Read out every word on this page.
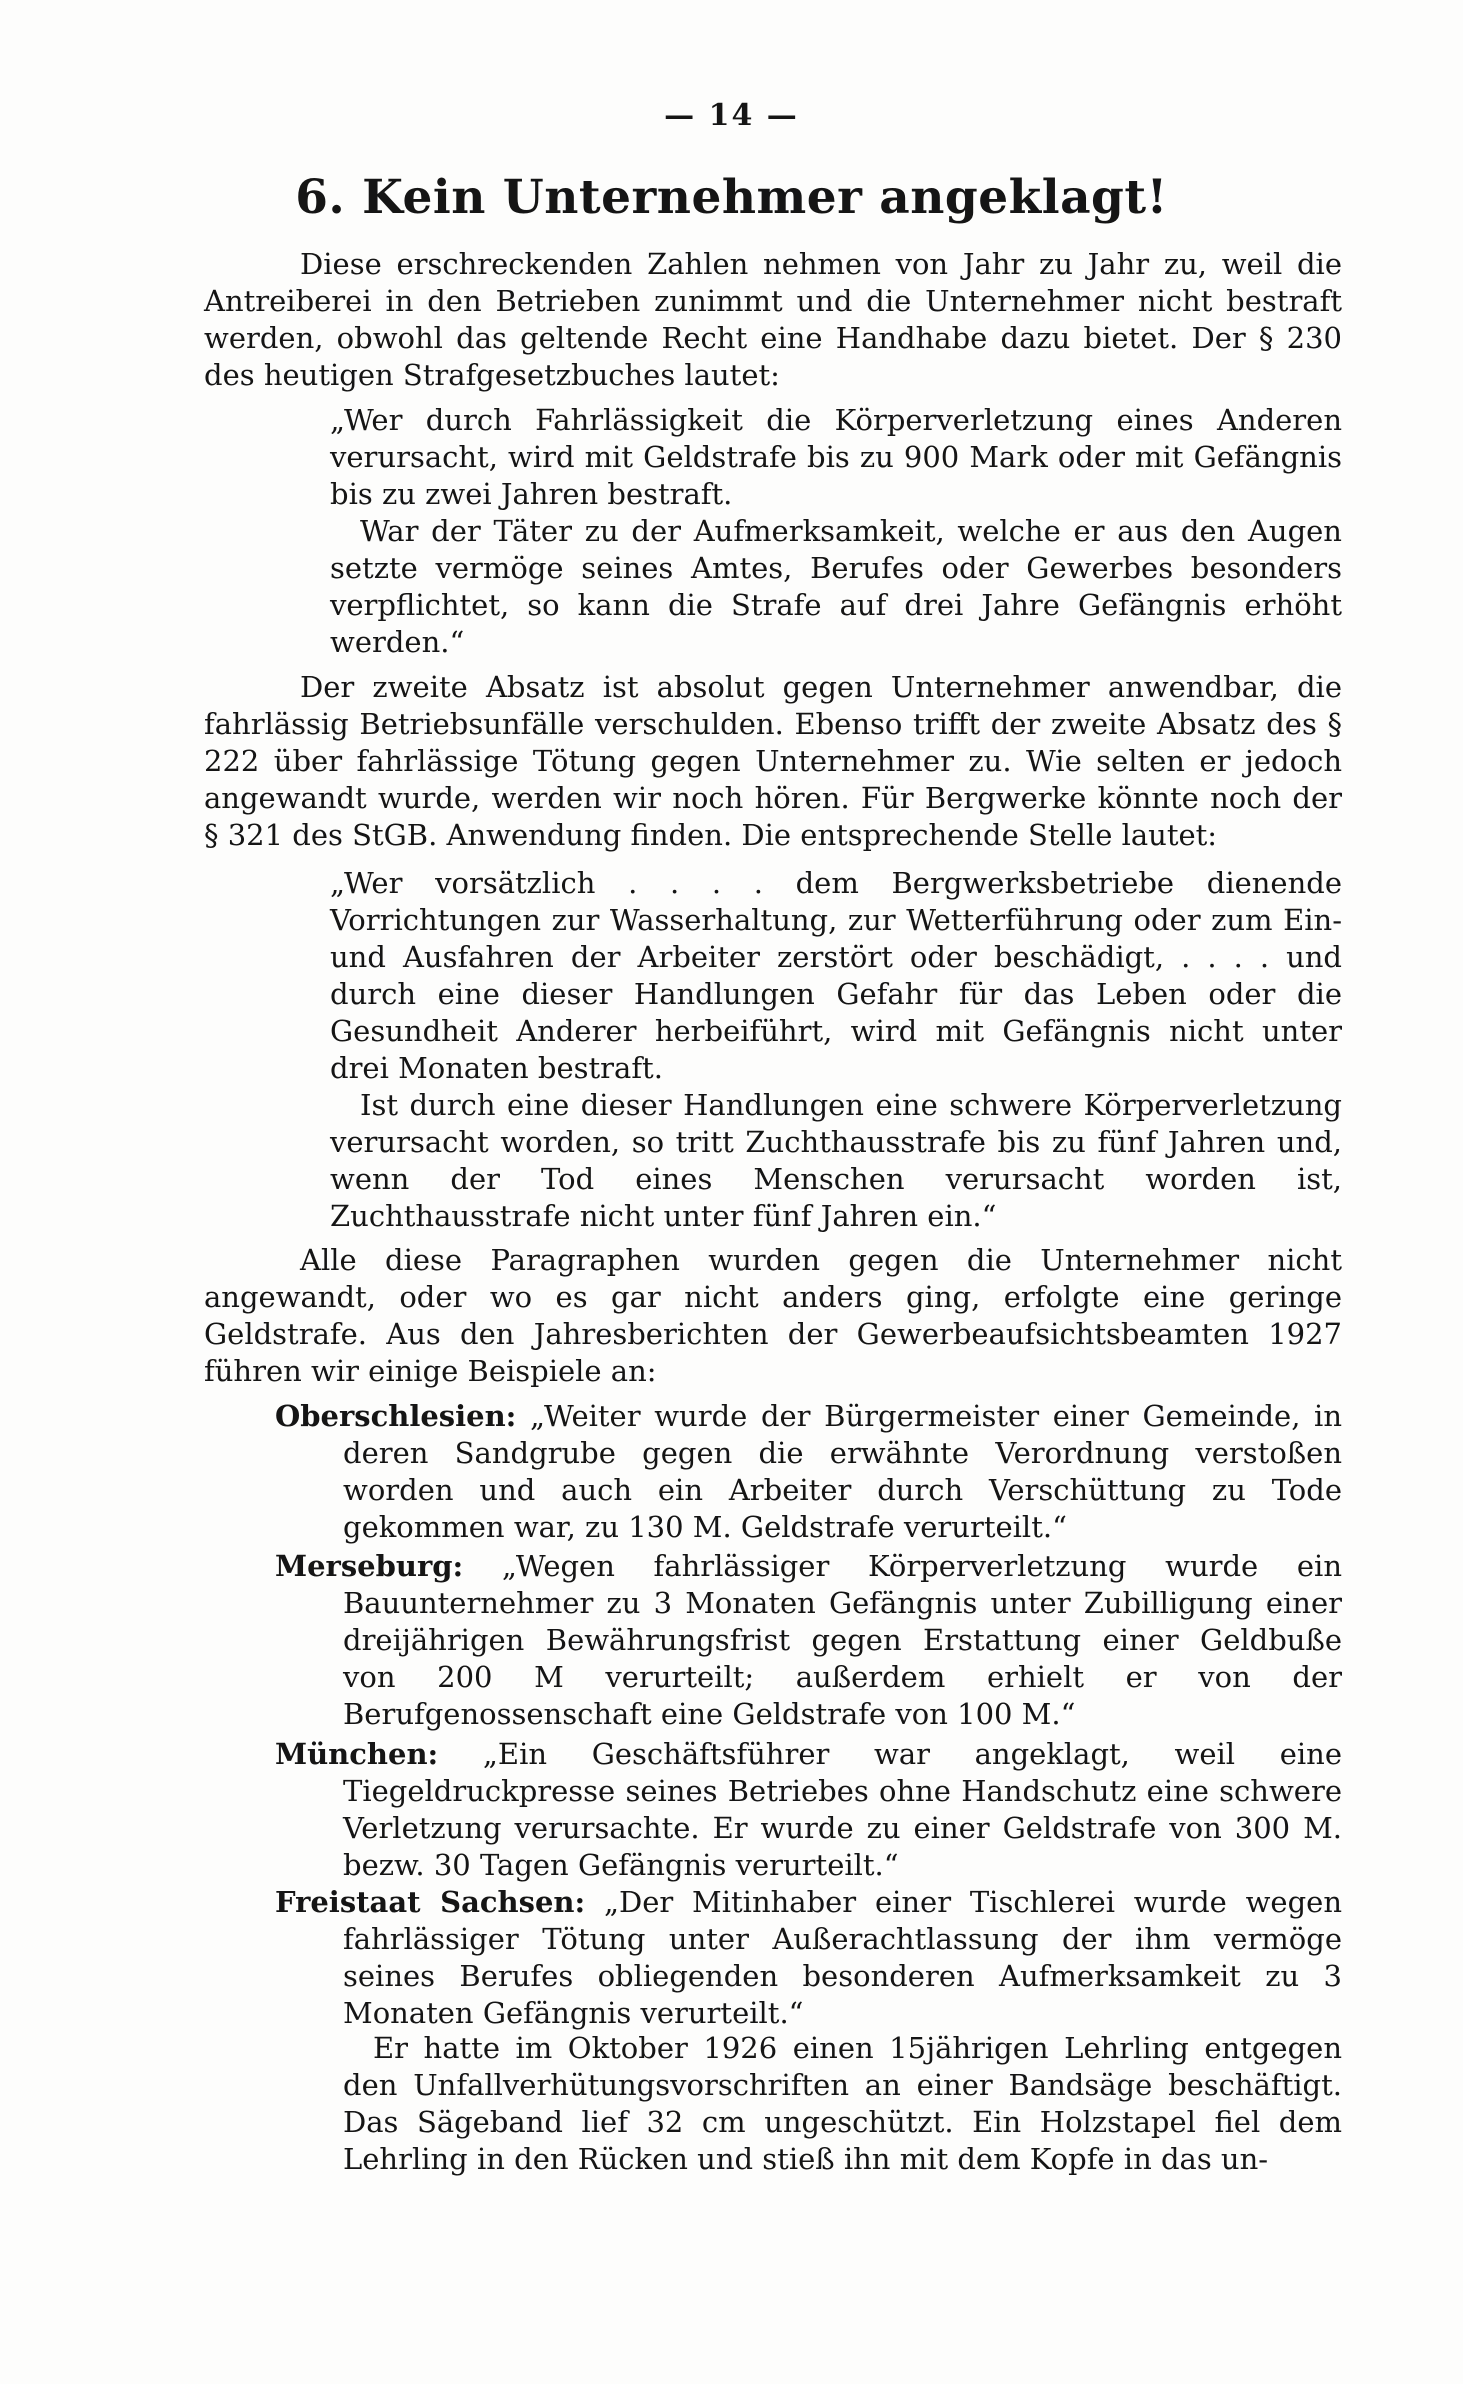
— 14 —
6. Kein Unternehmer angeklagt!

Diese erschreckenden Zahlen nehmen von Jahr zu Jahr zu, weil die Antreiberei in den Betrieben zunimmt und die Unternehmer nicht bestraft werden, obwohl das geltende Recht eine Handhabe dazu bietet. Der § 230 des heutigen Strafgesetzbuches lautet:

„Wer durch Fahrlässigkeit die Körperverletzung eines Anderen verursacht, wird mit Geldstrafe bis zu 900 Mark oder mit Gefängnis bis zu zwei Jahren bestraft.

War der Täter zu der Aufmerksamkeit, welche er aus den Augen setzte vermöge seines Amtes, Berufes oder Gewerbes besonders verpflichtet, so kann die Strafe auf drei Jahre Gefängnis erhöht werden.“

Der zweite Absatz ist absolut gegen Unternehmer anwendbar, die fahrlässig Betriebsunfälle verschulden. Ebenso trifft der zweite Absatz des § 222 über fahrlässige Tötung gegen Unternehmer zu. Wie selten er jedoch angewandt wurde, werden wir noch hören. Für Bergwerke könnte noch der § 321 des StGB. Anwendung finden. Die entsprechende Stelle lautet:

„Wer vorsätzlich . . . . dem Bergwerksbetriebe dienende Vorrichtungen zur Wasserhaltung, zur Wetterführung oder zum Ein- und Ausfahren der Arbeiter zerstört oder beschädigt, . . . . und durch eine dieser Handlungen Gefahr für das Leben oder die Gesundheit Anderer herbeiführt, wird mit Gefängnis nicht unter drei Monaten bestraft.

Ist durch eine dieser Handlungen eine schwere Körperverletzung verursacht worden, so tritt Zuchthausstrafe bis zu fünf Jahren und, wenn der Tod eines Menschen verursacht worden ist, Zuchthausstrafe nicht unter fünf Jahren ein.“

Alle diese Paragraphen wurden gegen die Unternehmer nicht angewandt, oder wo es gar nicht anders ging, erfolgte eine geringe Geldstrafe. Aus den Jahresberichten der Gewerbeaufsichtsbeamten 1927 führen wir einige Beispiele an:

Oberschlesien: „Weiter wurde der Bürgermeister einer Gemeinde, in deren Sandgrube gegen die erwähnte Verordnung verstoßen worden und auch ein Arbeiter durch Verschüttung zu Tode gekommen war, zu 130 M. Geldstrafe verurteilt.“

Merseburg: „Wegen fahrlässiger Körperverletzung wurde ein Bauunternehmer zu 3 Monaten Gefängnis unter Zubilligung einer dreijährigen Bewährungsfrist gegen Erstattung einer Geldbuße von 200 M verurteilt; außerdem erhielt er von der Berufgenossenschaft eine Geldstrafe von 100 M.“

München: „Ein Geschäftsführer war angeklagt, weil eine Tiegeldruckpresse seines Betriebes ohne Handschutz eine schwere Verletzung verursachte. Er wurde zu einer Geldstrafe von 300 M. bezw. 30 Tagen Gefängnis verurteilt.“

Freistaat Sachsen: „Der Mitinhaber einer Tischlerei wurde wegen fahrlässiger Tötung unter Außerachtlassung der ihm vermöge seines Berufes obliegenden besonderen Aufmerksamkeit zu 3 Monaten Gefängnis verurteilt.“

Er hatte im Oktober 1926 einen 15jährigen Lehrling entgegen den Unfallverhütungsvorschriften an einer Bandsäge beschäftigt. Das Sägeband lief 32 cm ungeschützt. Ein Holzstapel fiel dem Lehrling in den Rücken und stieß ihn mit dem Kopfe in das un-
